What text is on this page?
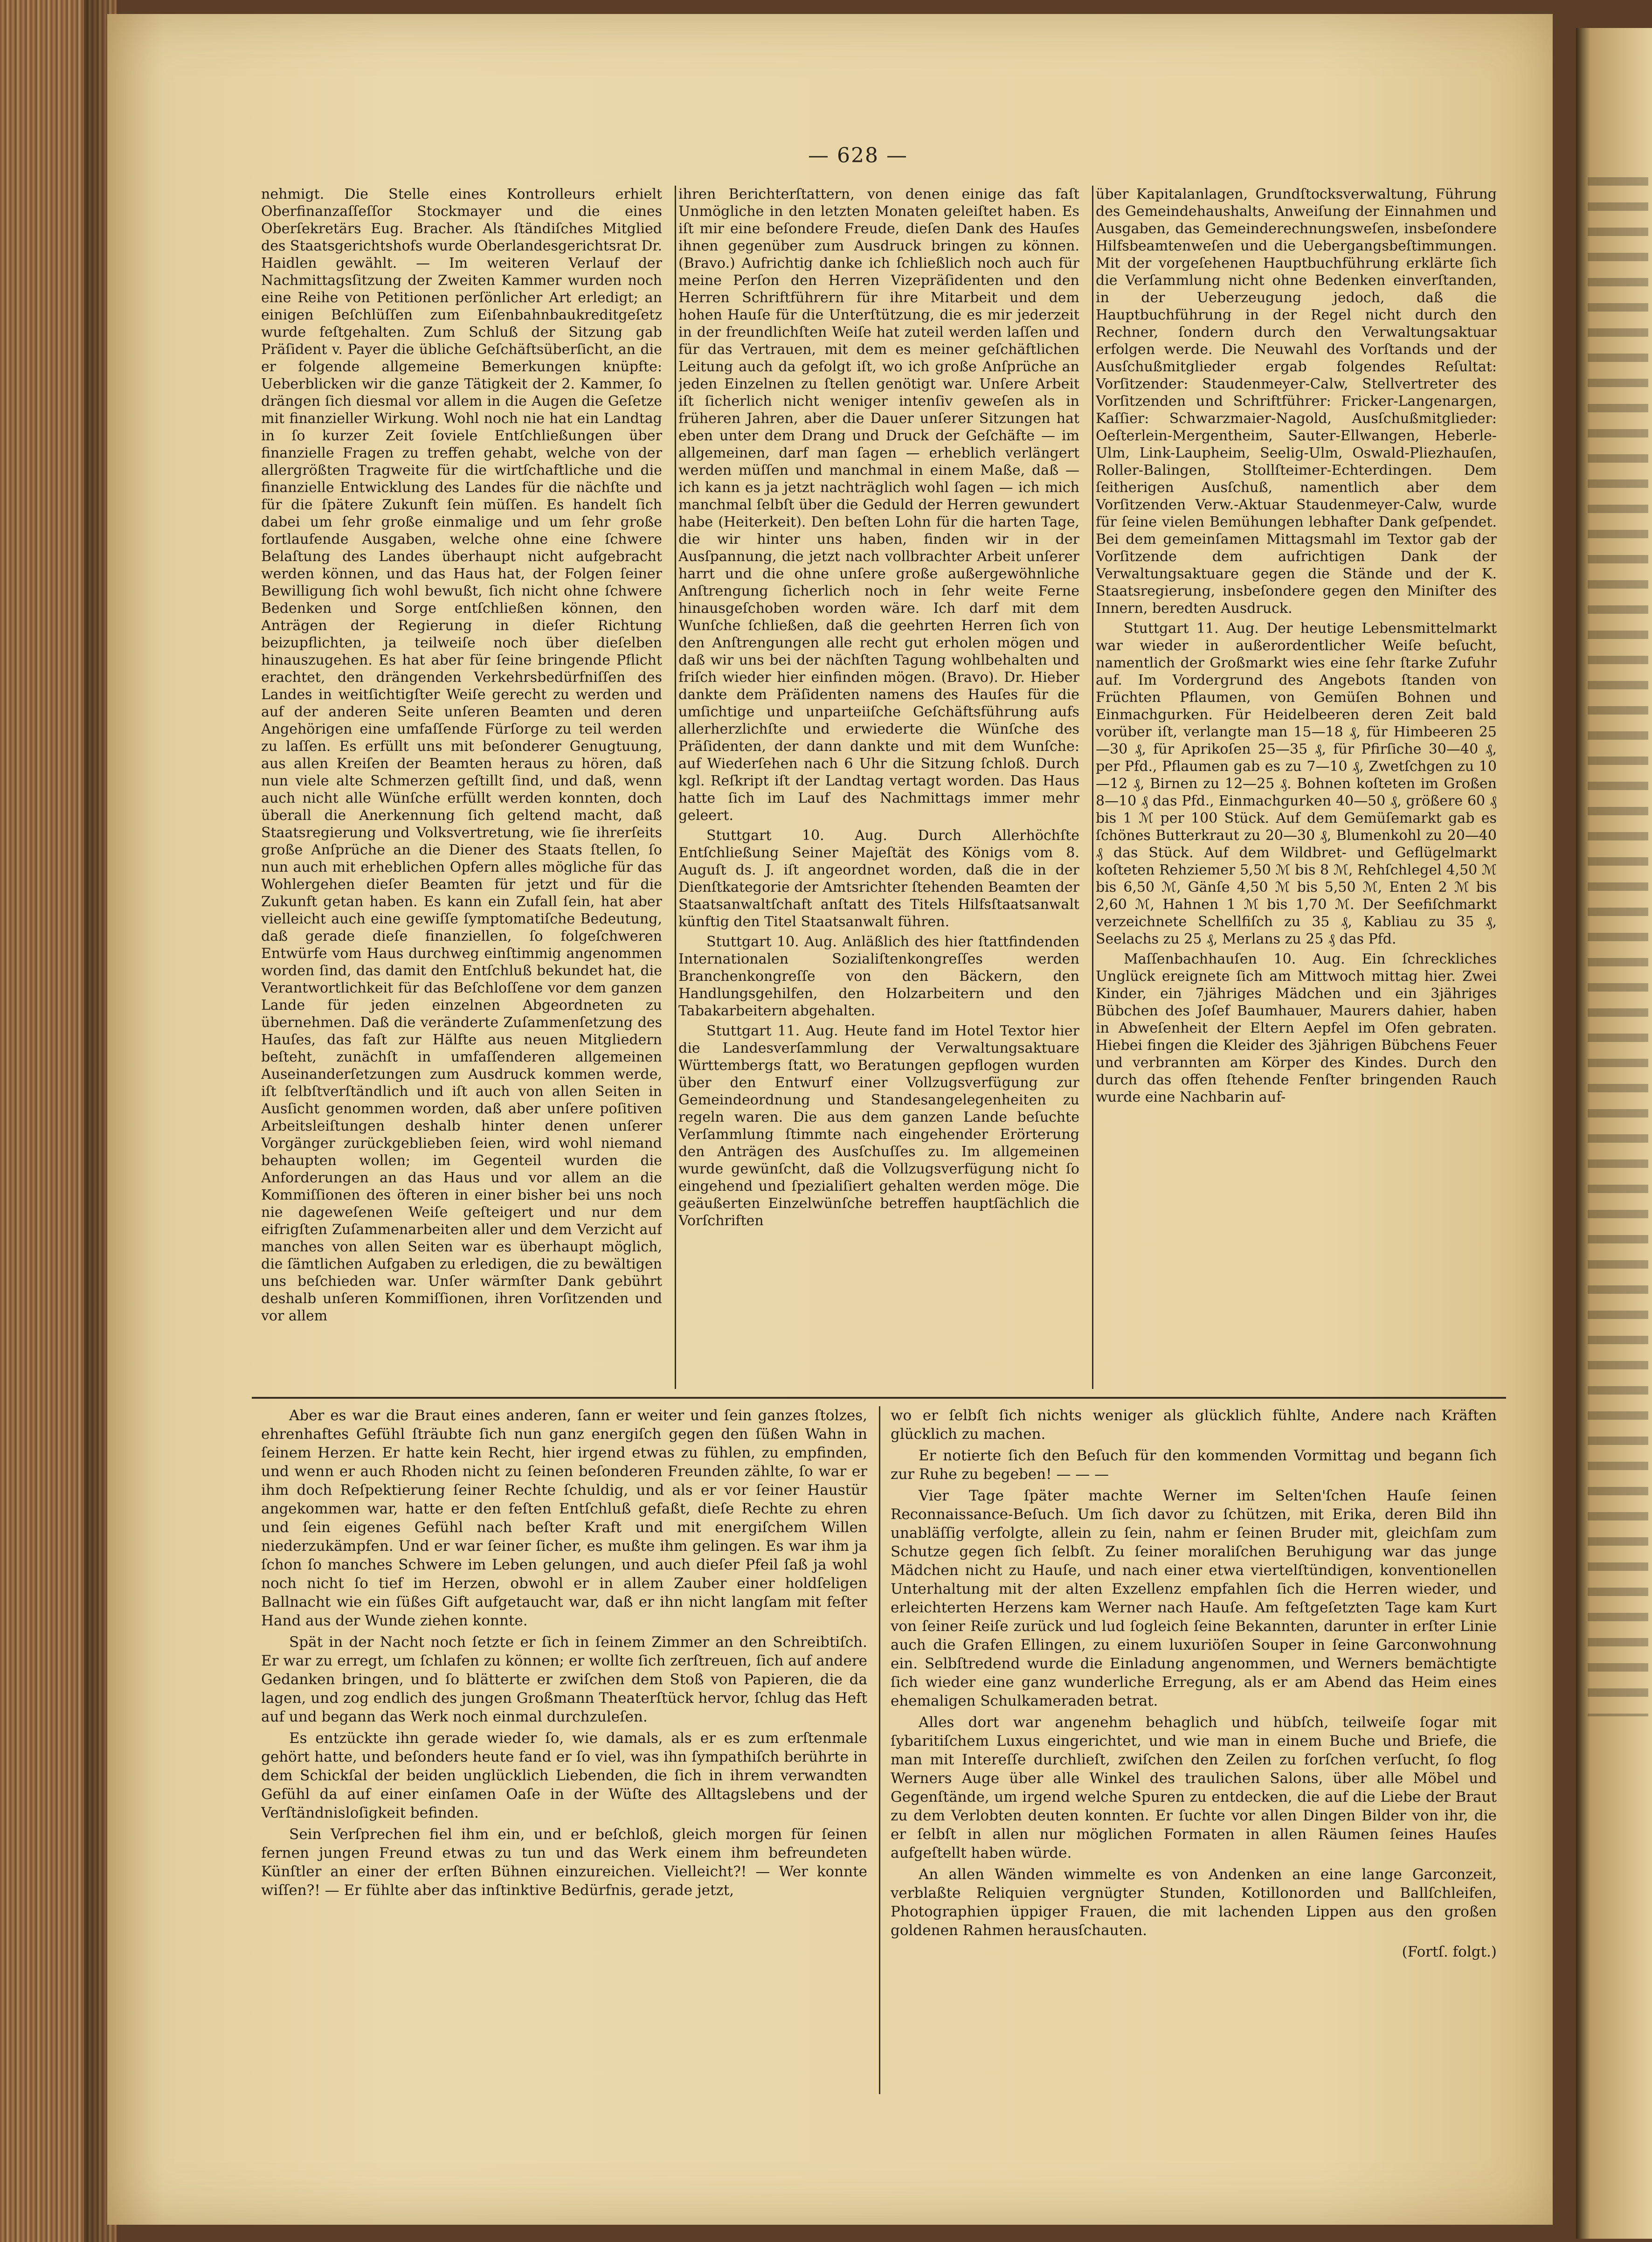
— 628 —

nehmigt. Die Stelle eines Kontrolleurs erhielt Oberfinanzaſſeſſor Stockmayer und die eines Oberſekretärs Eug. Bracher. Als ſtändiſches Mitglied des Staatsgerichtshofs wurde Oberlandesgerichtsrat Dr. Haidlen gewählt. — Im weiteren Verlauf der Nachmittagsſitzung der Zweiten Kammer wurden noch eine Reihe von Petitionen perſönlicher Art erledigt; an einigen Beſchlüſſen zum Eiſenbahnbaukreditgeſetz wurde feſtgehalten. Zum Schluß der Sitzung gab Präſident v. Payer die übliche Geſchäftsüberſicht, an die er folgende allgemeine Bemerkungen knüpfte: Ueberblicken wir die ganze Tätigkeit der 2. Kammer, ſo drängen ſich diesmal vor allem in die Augen die Geſetze mit finanzieller Wirkung. Wohl noch nie hat ein Landtag in ſo kurzer Zeit ſoviele Entſchließungen über finanzielle Fragen zu treffen gehabt, welche von der allergrößten Tragweite für die wirtſchaftliche und die finanzielle Entwicklung des Landes für die nächſte und für die ſpätere Zukunft ſein müſſen. Es handelt ſich dabei um ſehr große einmalige und um ſehr große fortlaufende Ausgaben, welche ohne eine ſchwere Belaſtung des Landes überhaupt nicht aufgebracht werden können, und das Haus hat, der Folgen ſeiner Bewilligung ſich wohl bewußt, ſich nicht ohne ſchwere Bedenken und Sorge entſchließen können, den Anträgen der Regierung in dieſer Richtung beizupflichten, ja teilweiſe noch über dieſelben hinauszugehen. Es hat aber für ſeine bringende Pflicht erachtet, den drängenden Verkehrsbedürfniſſen des Landes in weitſichtigſter Weiſe gerecht zu werden und auf der anderen Seite unſeren Beamten und deren Angehörigen eine umfaſſende Fürſorge zu teil werden zu laſſen. Es erfüllt uns mit beſonderer Genugtuung, aus allen Kreiſen der Beamten heraus zu hören, daß nun viele alte Schmerzen geſtillt ſind, und daß, wenn auch nicht alle Wünſche erfüllt werden konnten, doch überall die Anerkennung ſich geltend macht, daß Staatsregierung und Volksvertretung, wie ſie ihrerſeits große Anſprüche an die Diener des Staats ſtellen, ſo nun auch mit erheblichen Opfern alles mögliche für das Wohlergehen dieſer Beamten für jetzt und für die Zukunft getan haben. Es kann ein Zufall ſein, hat aber vielleicht auch eine gewiſſe ſymptomatiſche Bedeutung, daß gerade dieſe finanziellen, ſo folgeſchweren Entwürfe vom Haus durchweg einſtimmig angenommen worden ſind, das damit den Entſchluß bekundet hat, die Verantwortlichkeit für das Beſchloſſene vor dem ganzen Lande für jeden einzelnen Abgeordneten zu übernehmen. Daß die veränderte Zuſammenſetzung des Hauſes, das faſt zur Hälfte aus neuen Mitgliedern beſteht, zunächſt in umfaſſenderen allgemeinen Auseinanderſetzungen zum Ausdruck kommen werde, iſt ſelbſtverſtändlich und iſt auch von allen Seiten in Ausſicht genommen worden, daß aber unſere poſitiven Arbeitsleiſtungen deshalb hinter denen unſerer Vorgänger zurückgeblieben ſeien, wird wohl niemand behaupten wollen; im Gegenteil wurden die Anforderungen an das Haus und vor allem an die Kommiſſionen des öfteren in einer bisher bei uns noch nie dageweſenen Weiſe geſteigert und nur dem eifrigſten Zuſammenarbeiten aller und dem Verzicht auf manches von allen Seiten war es überhaupt möglich, die ſämtlichen Aufgaben zu erledigen, die zu bewältigen uns beſchieden war. Unſer wärmſter Dank gebührt deshalb unſeren Kommiſſionen, ihren Vorſitzenden und vor allem

ihren Berichterſtattern, von denen einige das faſt Unmögliche in den letzten Monaten geleiſtet haben. Es iſt mir eine beſondere Freude, dieſen Dank des Hauſes ihnen gegenüber zum Ausdruck bringen zu können. (Bravo.) Aufrichtig danke ich ſchließlich noch auch für meine Perſon den Herren Vizepräſidenten und den Herren Schriftführern für ihre Mitarbeit und dem hohen Hauſe für die Unterſtützung, die es mir jederzeit in der freundlichſten Weiſe hat zuteil werden laſſen und für das Vertrauen, mit dem es meiner geſchäftlichen Leitung auch da gefolgt iſt, wo ich große Anſprüche an jeden Einzelnen zu ſtellen genötigt war. Unſere Arbeit iſt ſicherlich nicht weniger intenſiv geweſen als in früheren Jahren, aber die Dauer unſerer Sitzungen hat eben unter dem Drang und Druck der Geſchäfte — im allgemeinen, darf man ſagen — erheblich verlängert werden müſſen und manchmal in einem Maße, daß — ich kann es ja jetzt nachträglich wohl ſagen — ich mich manchmal ſelbſt über die Geduld der Herren gewundert habe (Heiterkeit). Den beſten Lohn für die harten Tage, die wir hinter uns haben, finden wir in der Ausſpannung, die jetzt nach vollbrachter Arbeit unſerer harrt und die ohne unſere große außergewöhnliche Anſtrengung ſicherlich noch in ſehr weite Ferne hinausgeſchoben worden wäre. Ich darf mit dem Wunſche ſchließen, daß die geehrten Herren ſich von den Anſtrengungen alle recht gut erholen mögen und daß wir uns bei der nächſten Tagung wohlbehalten und friſch wieder hier einfinden mögen. (Bravo). Dr. Hieber dankte dem Präſidenten namens des Hauſes für die umſichtige und unparteiiſche Geſchäftsführung aufs allerherzlichſte und erwiederte die Wünſche des Präſidenten, der dann dankte und mit dem Wunſche: auf Wiederſehen nach 6 Uhr die Sitzung ſchloß. Durch kgl. Reſkript iſt der Landtag vertagt worden. Das Haus hatte ſich im Lauf des Nachmittags immer mehr geleert.

Stuttgart 10. Aug. Durch Allerhöchſte Entſchließung Seiner Majeſtät des Königs vom 8. Auguſt ds. J. iſt angeordnet worden, daß die in der Dienſtkategorie der Amtsrichter ſtehenden Beamten der Staatsanwaltſchaft anſtatt des Titels Hilfsſtaatsanwalt künftig den Titel Staatsanwalt führen.

Stuttgart 10. Aug. Anläßlich des hier ſtattfindenden Internationalen Sozialiſtenkongreſſes werden Branchenkongreſſe von den Bäckern, den Handlungsgehilfen, den Holzarbeitern und den Tabakarbeitern abgehalten.

Stuttgart 11. Aug. Heute fand im Hotel Textor hier die Landesverſammlung der Verwaltungsaktuare Württembergs ſtatt, wo Beratungen gepflogen wurden über den Entwurf einer Vollzugsverfügung zur Gemeindeordnung und Standesangelegenheiten zu regeln waren. Die aus dem ganzen Lande beſuchte Verſammlung ſtimmte nach eingehender Erörterung den Anträgen des Ausſchuſſes zu. Im allgemeinen wurde gewünſcht, daß die Vollzugsverfügung nicht ſo eingehend und ſpezialiſiert gehalten werden möge. Die geäußerten Einzelwünſche betreffen hauptſächlich die Vorſchriften

über Kapitalanlagen, Grundſtocksverwaltung, Führung des Gemeindehaushalts, Anweiſung der Einnahmen und Ausgaben, das Gemeinderechnungsweſen, insbeſondere Hilfsbeamtenweſen und die Uebergangsbeſtimmungen. Mit der vorgeſehenen Hauptbuchführung erklärte ſich die Verſammlung nicht ohne Bedenken einverſtanden, in der Ueberzeugung jedoch, daß die Hauptbuchführung in der Regel nicht durch den Rechner, ſondern durch den Verwaltungsaktuar erfolgen werde. Die Neuwahl des Vorſtands und der Ausſchußmitglieder ergab folgendes Reſultat: Vorſitzender: Staudenmeyer-Calw, Stellvertreter des Vorſitzenden und Schriftführer: Fricker-Langenargen, Kaſſier: Schwarzmaier-Nagold, Ausſchußmitglieder: Oeſterlein-Mergentheim, Sauter-Ellwangen, Heberle-Ulm, Link-Laupheim, Seelig-Ulm, Oswald-Pliezhauſen, Roller-Balingen, Stollſteimer-Echterdingen. Dem ſeitherigen Ausſchuß, namentlich aber dem Vorſitzenden Verw.-Aktuar Staudenmeyer-Calw, wurde für ſeine vielen Bemühungen lebhafter Dank geſpendet. Bei dem gemeinſamen Mittagsmahl im Textor gab der Vorſitzende dem aufrichtigen Dank der Verwaltungsaktuare gegen die Stände und der K. Staatsregierung, insbeſondere gegen den Miniſter des Innern, beredten Ausdruck.

Stuttgart 11. Aug. Der heutige Lebensmittelmarkt war wieder in außerordentlicher Weiſe beſucht, namentlich der Großmarkt wies eine ſehr ſtarke Zufuhr auf. Im Vordergrund des Angebots ſtanden von Früchten Pflaumen, von Gemüſen Bohnen und Einmachgurken. Für Heidelbeeren deren Zeit bald vorüber iſt, verlangte man 15—18 ₰, für Himbeeren 25—30 ₰, für Aprikoſen 25—35 ₰, für Pfirſiche 30—40 ₰, per Pfd., Pflaumen gab es zu 7—10 ₰, Zwetſchgen zu 10—12 ₰, Birnen zu 12—25 ₰. Bohnen koſteten im Großen 8—10 ₰ das Pfd., Einmachgurken 40—50 ₰, größere 60 ₰ bis 1 ℳ per 100 Stück. Auf dem Gemüſemarkt gab es ſchönes Butterkraut zu 20—30 ₰, Blumenkohl zu 20—40 ₰ das Stück. Auf dem Wildbret- und Geflügelmarkt koſteten Rehziemer 5,50 ℳ bis 8 ℳ, Rehſchlegel 4,50 ℳ bis 6,50 ℳ, Gänſe 4,50 ℳ bis 5,50 ℳ, Enten 2 ℳ bis 2,60 ℳ, Hahnen 1 ℳ bis 1,70 ℳ. Der Seefiſchmarkt verzeichnete Schellfiſch zu 35 ₰, Kabliau zu 35 ₰, Seelachs zu 25 ₰, Merlans zu 25 ₰ das Pfd.

Maſſenbachhauſen 10. Aug. Ein ſchreckliches Unglück ereignete ſich am Mittwoch mittag hier. Zwei Kinder, ein 7jähriges Mädchen und ein 3jähriges Bübchen des Joſef Baumhauer, Maurers dahier, haben in Abweſenheit der Eltern Aepfel im Ofen gebraten. Hiebei fingen die Kleider des 3jährigen Bübchens Feuer und verbrannten am Körper des Kindes. Durch den durch das offen ſtehende Fenſter bringenden Rauch wurde eine Nachbarin auf-

Aber es war die Braut eines anderen, ſann er weiter und ſein ganzes ſtolzes, ehrenhaftes Gefühl ſträubte ſich nun ganz energiſch gegen den ſüßen Wahn in ſeinem Herzen. Er hatte kein Recht, hier irgend etwas zu fühlen, zu empfinden, und wenn er auch Rhoden nicht zu ſeinen beſonderen Freunden zählte, ſo war er ihm doch Reſpektierung ſeiner Rechte ſchuldig, und als er vor ſeiner Haustür angekommen war, hatte er den feſten Entſchluß gefaßt, dieſe Rechte zu ehren und ſein eigenes Gefühl nach beſter Kraft und mit energiſchem Willen niederzukämpfen. Und er war ſeiner ſicher, es mußte ihm gelingen. Es war ihm ja ſchon ſo manches Schwere im Leben gelungen, und auch dieſer Pfeil ſaß ja wohl noch nicht ſo tief im Herzen, obwohl er in allem Zauber einer holdſeligen Ballnacht wie ein ſüßes Gift aufgetaucht war, daß er ihn nicht langſam mit feſter Hand aus der Wunde ziehen konnte.

Spät in der Nacht noch ſetzte er ſich in ſeinem Zimmer an den Schreibtiſch. Er war zu erregt, um ſchlafen zu können; er wollte ſich zerſtreuen, ſich auf andere Gedanken bringen, und ſo blätterte er zwiſchen dem Stoß von Papieren, die da lagen, und zog endlich des jungen Großmann Theaterſtück hervor, ſchlug das Heft auf und begann das Werk noch einmal durchzuleſen.

Es entzückte ihn gerade wieder ſo, wie damals, als er es zum erſtenmale gehört hatte, und beſonders heute fand er ſo viel, was ihn ſympathiſch berührte in dem Schickſal der beiden unglücklich Liebenden, die ſich in ihrem verwandten Gefühl da auf einer einſamen Oaſe in der Wüſte des Alltagslebens und der Verſtändnisloſigkeit befinden.

Sein Verſprechen fiel ihm ein, und er beſchloß, gleich morgen für ſeinen fernen jungen Freund etwas zu tun und das Werk einem ihm befreundeten Künſtler an einer der erſten Bühnen einzureichen. Vielleicht?! — Wer konnte wiſſen?! — Er fühlte aber das inſtinktive Bedürfnis, gerade jetzt,

wo er ſelbſt ſich nichts weniger als glücklich fühlte, Andere nach Kräften glücklich zu machen.

Er notierte ſich den Beſuch für den kommenden Vormittag und begann ſich zur Ruhe zu begeben! — — —

Vier Tage ſpäter machte Werner im Selten'ſchen Hauſe ſeinen Reconnaissance-Beſuch. Um ſich davor zu ſchützen, mit Erika, deren Bild ihn unabläſſig verfolgte, allein zu ſein, nahm er ſeinen Bruder mit, gleichſam zum Schutze gegen ſich ſelbſt. Zu ſeiner moraliſchen Beruhigung war das junge Mädchen nicht zu Hauſe, und nach einer etwa viertelſtündigen, konventionellen Unterhaltung mit der alten Exzellenz empfahlen ſich die Herren wieder, und erleichterten Herzens kam Werner nach Hauſe. Am feſtgeſetzten Tage kam Kurt von ſeiner Reiſe zurück und lud ſogleich ſeine Bekannten, darunter in erſter Linie auch die Grafen Ellingen, zu einem luxuriöſen Souper in ſeine Garconwohnung ein. Selbſtredend wurde die Einladung angenommen, und Werners bemächtigte ſich wieder eine ganz wunderliche Erregung, als er am Abend das Heim eines ehemaligen Schulkameraden betrat.

Alles dort war angenehm behaglich und hübſch, teilweiſe ſogar mit ſybaritiſchem Luxus eingerichtet, und wie man in einem Buche und Briefe, die man mit Intereſſe durchlieſt, zwiſchen den Zeilen zu forſchen verſucht, ſo flog Werners Auge über alle Winkel des traulichen Salons, über alle Möbel und Gegenſtände, um irgend welche Spuren zu entdecken, die auf die Liebe der Braut zu dem Verlobten deuten konnten. Er ſuchte vor allen Dingen Bilder von ihr, die er ſelbſt in allen nur möglichen Formaten in allen Räumen ſeines Hauſes aufgeſtellt haben würde.

An allen Wänden wimmelte es von Andenken an eine lange Garconzeit, verblaßte Reliquien vergnügter Stunden, Kotillonorden und Ballſchleifen, Photographien üppiger Frauen, die mit lachenden Lippen aus den großen goldenen Rahmen herausſchauten.

(Fortſ. folgt.)
